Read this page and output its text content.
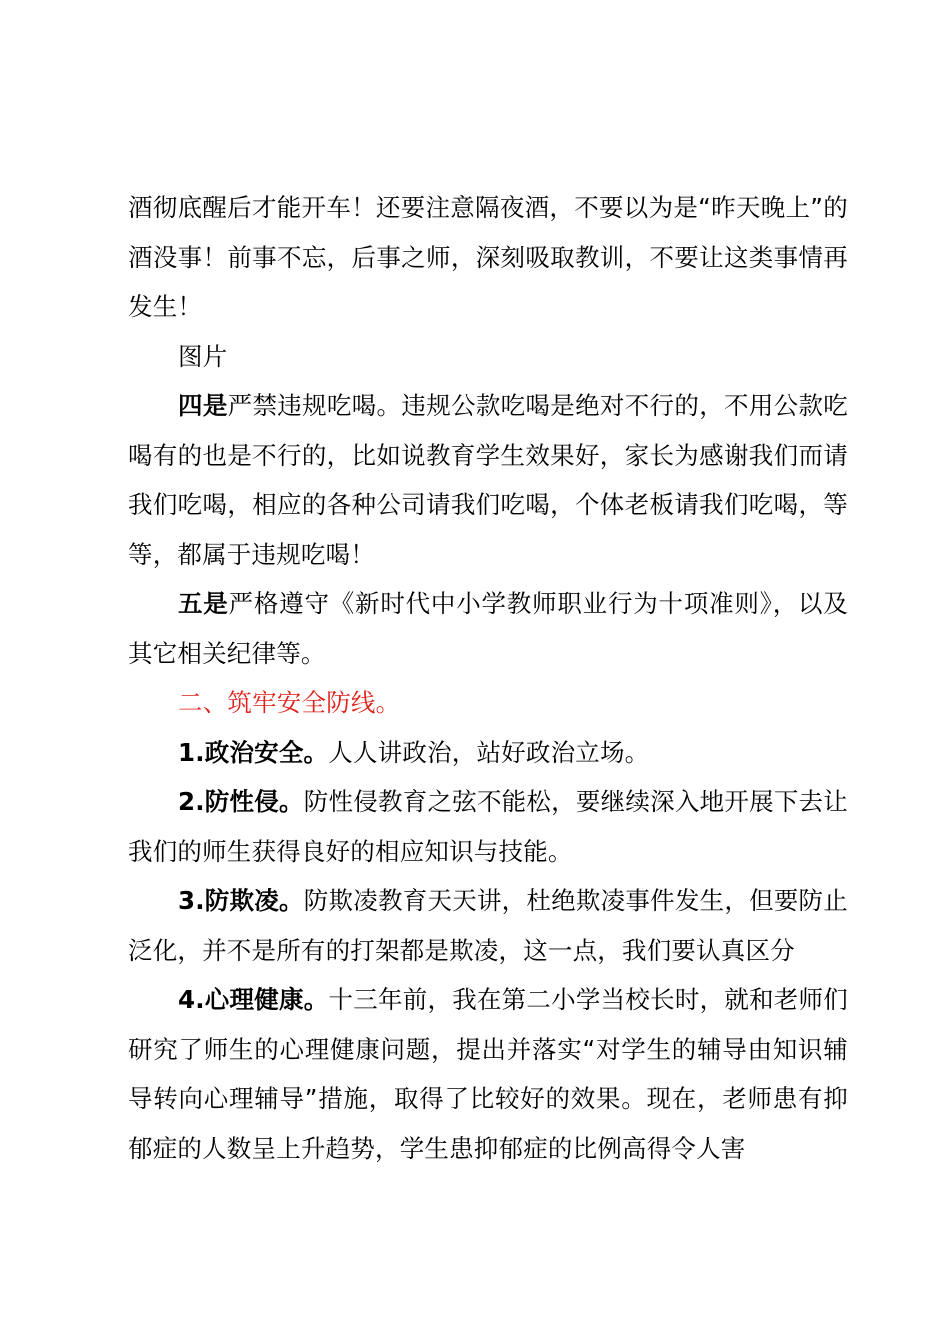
酒彻底醒后才能开车！还要注意隔夜酒，不要以为是“昨天晚上”的酒没事！前事不忘，后事之师，深刻吸取教训，不要让这类事情再发生！

图片

四是严禁违规吃喝。违规公款吃喝是绝对不行的，不用公款吃喝有的也是不行的，比如说教育学生效果好，家长为感谢我们而请我们吃喝，相应的各种公司请我们吃喝，个体老板请我们吃喝，等等，都属于违规吃喝！

五是严格遵守《新时代中小学教师职业行为十项准则》，以及其它相关纪律等。

二、筑牢安全防线。

1.政治安全。人人讲政治，站好政治立场。

2.防性侵。防性侵教育之弦不能松，要继续深入地开展下去让我们的师生获得良好的相应知识与技能。

3.防欺凌。防欺凌教育天天讲，杜绝欺凌事件发生，但要防止泛化，并不是所有的打架都是欺凌，这一点，我们要认真区分

4.心理健康。十三年前，我在第二小学当校长时，就和老师们研究了师生的心理健康问题，提出并落实“对学生的辅导由知识辅导转向心理辅导”措施，取得了比较好的效果。现在，老师患有抑郁症的人数呈上升趋势，学生患抑郁症的比例高得令人害
